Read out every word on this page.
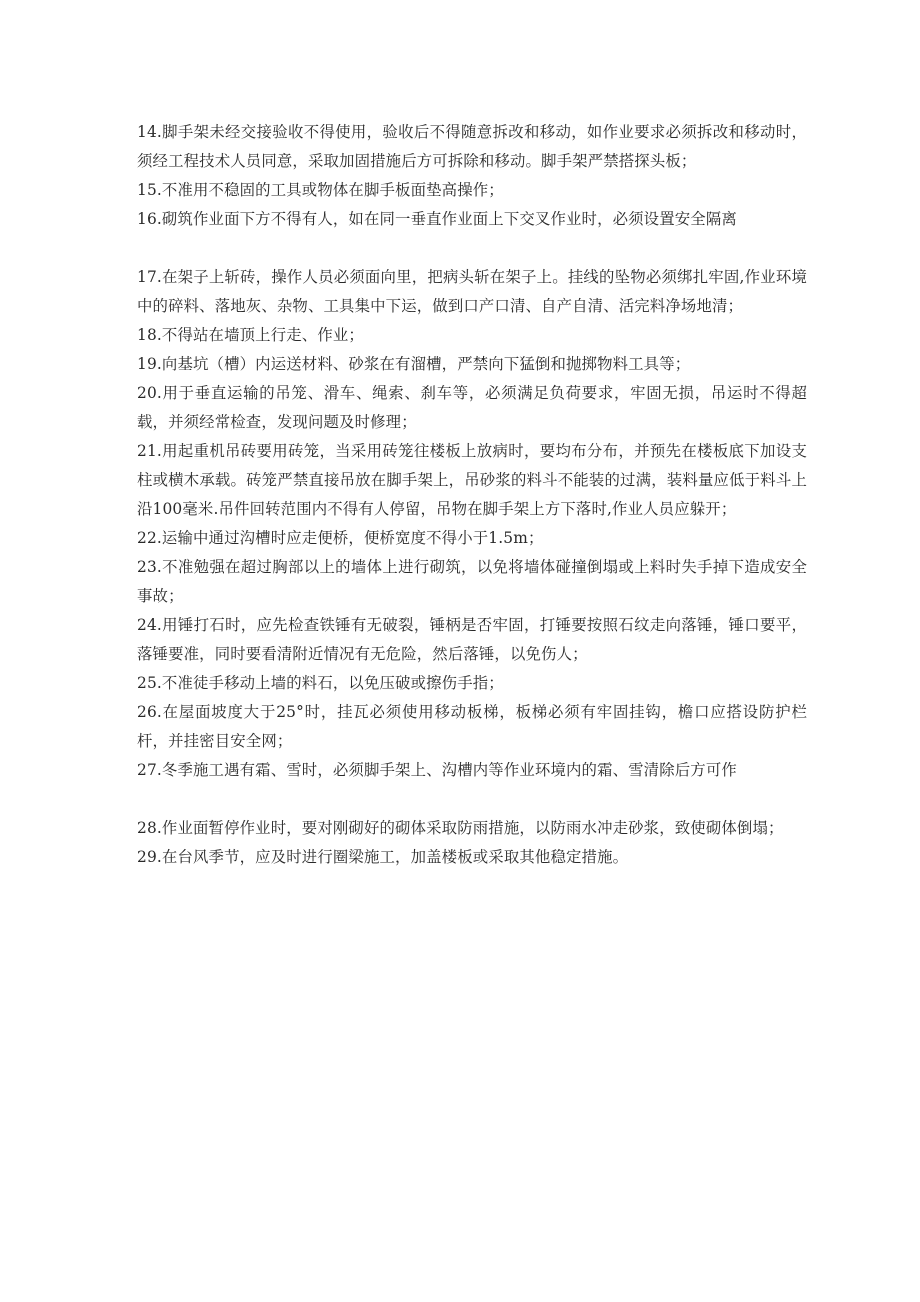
14.脚手架未经交接验收不得使用，验收后不得随意拆改和移动，如作业要求必须拆改和移动时，须经工程技术人员同意，采取加固措施后方可拆除和移动。脚手架严禁搭探头板；

15.不准用不稳固的工具或物体在脚手板面垫高操作；

16.砌筑作业面下方不得有人，如在同一垂直作业面上下交叉作业时，必须设置安全隔离

17.在架子上斩砖，操作人员必须面向里，把病头斩在架子上。挂线的坠物必须绑扎牢固,作业环境中的碎料、落地灰、杂物、工具集中下运，做到口产口清、自产自清、活完料净场地清；

18.不得站在墙顶上行走、作业；

19.向基坑（槽）内运送材料、砂浆在有溜槽，严禁向下猛倒和抛掷物料工具等；

20.用于垂直运输的吊笼、滑车、绳索、刹车等，必须满足负荷要求，牢固无损，吊运时不得超载，并须经常检查，发现问题及时修理；

21.用起重机吊砖要用砖笼，当采用砖笼往楼板上放病时，要均布分布，并预先在楼板底下加设支柱或横木承载。砖笼严禁直接吊放在脚手架上，吊砂浆的料斗不能装的过满，装料量应低于料斗上沿100毫米.吊件回转范围内不得有人停留，吊物在脚手架上方下落时,作业人员应躲开；

22.运输中通过沟槽时应走便桥，便桥宽度不得小于1.5m；

23.不准勉强在超过胸部以上的墙体上进行砌筑，以免将墙体碰撞倒塌或上料时失手掉下造成安全事故；

24.用锤打石时，应先检查铁锤有无破裂，锤柄是否牢固，打锤要按照石纹走向落锤，锤口要平，落锤要准，同时要看清附近情况有无危险，然后落锤，以免伤人；

25.不准徒手移动上墙的料石，以免压破或擦伤手指；

26.在屋面坡度大于25°时，挂瓦必须使用移动板梯，板梯必须有牢固挂钩，檐口应搭设防护栏杆，并挂密目安全网；

27.冬季施工遇有霜、雪时，必须脚手架上、沟槽内等作业环境内的霜、雪清除后方可作

28.作业面暂停作业时，要对刚砌好的砌体采取防雨措施，以防雨水冲走砂浆，致使砌体倒塌；

29.在台风季节，应及时进行圈梁施工，加盖楼板或采取其他稳定措施。
